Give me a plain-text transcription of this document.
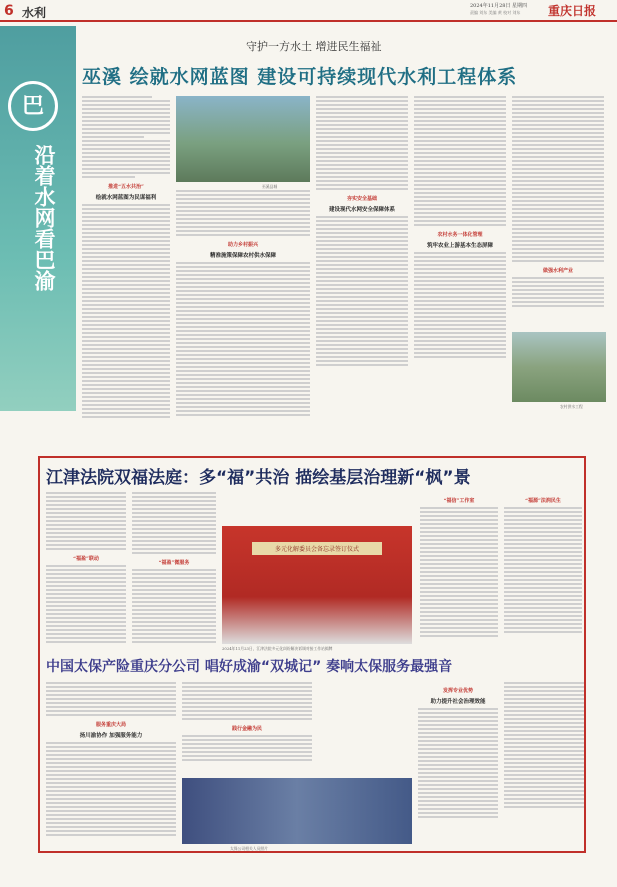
6 水利	2024年11月28日 星期四
责编 刘东 美编 黄 校对 刘东 重庆日报
巴
沿着水网看巴渝
守护一方水土 增进民生福祉
巫溪 绘就水网蓝图 建设可持续现代水利工程体系
推进“五水共治”
绘就水网蓝图为民谋福利
巫溪县城
助力乡村振兴
精准施策保障农村供水保障
夯实安全基础
建设现代水网安全保障体系
农村水务一体化管理
筑牢农业上游基本生态屏障
做强水利产业
农村供水工程
江津法院双福法庭：多“福”共治 描绘基层治理新“枫”景
“福盈”联动
“福盈”微服务
多元化解委员会备忘录签订仪式
2024年11月23日，江津法院多元化纠纷解决诉调对接工作站揭牌
“福信”工作室	“福源”法润民生
中国太保产险重庆分公司 唱好成渝“双城记” 奏响太保服务最强音
服务重庆大局
扬川渝协作 加强服务能力
践行金融为民
太保公司相关人员照片
发挥专业优势
助力提升社会治理效能
